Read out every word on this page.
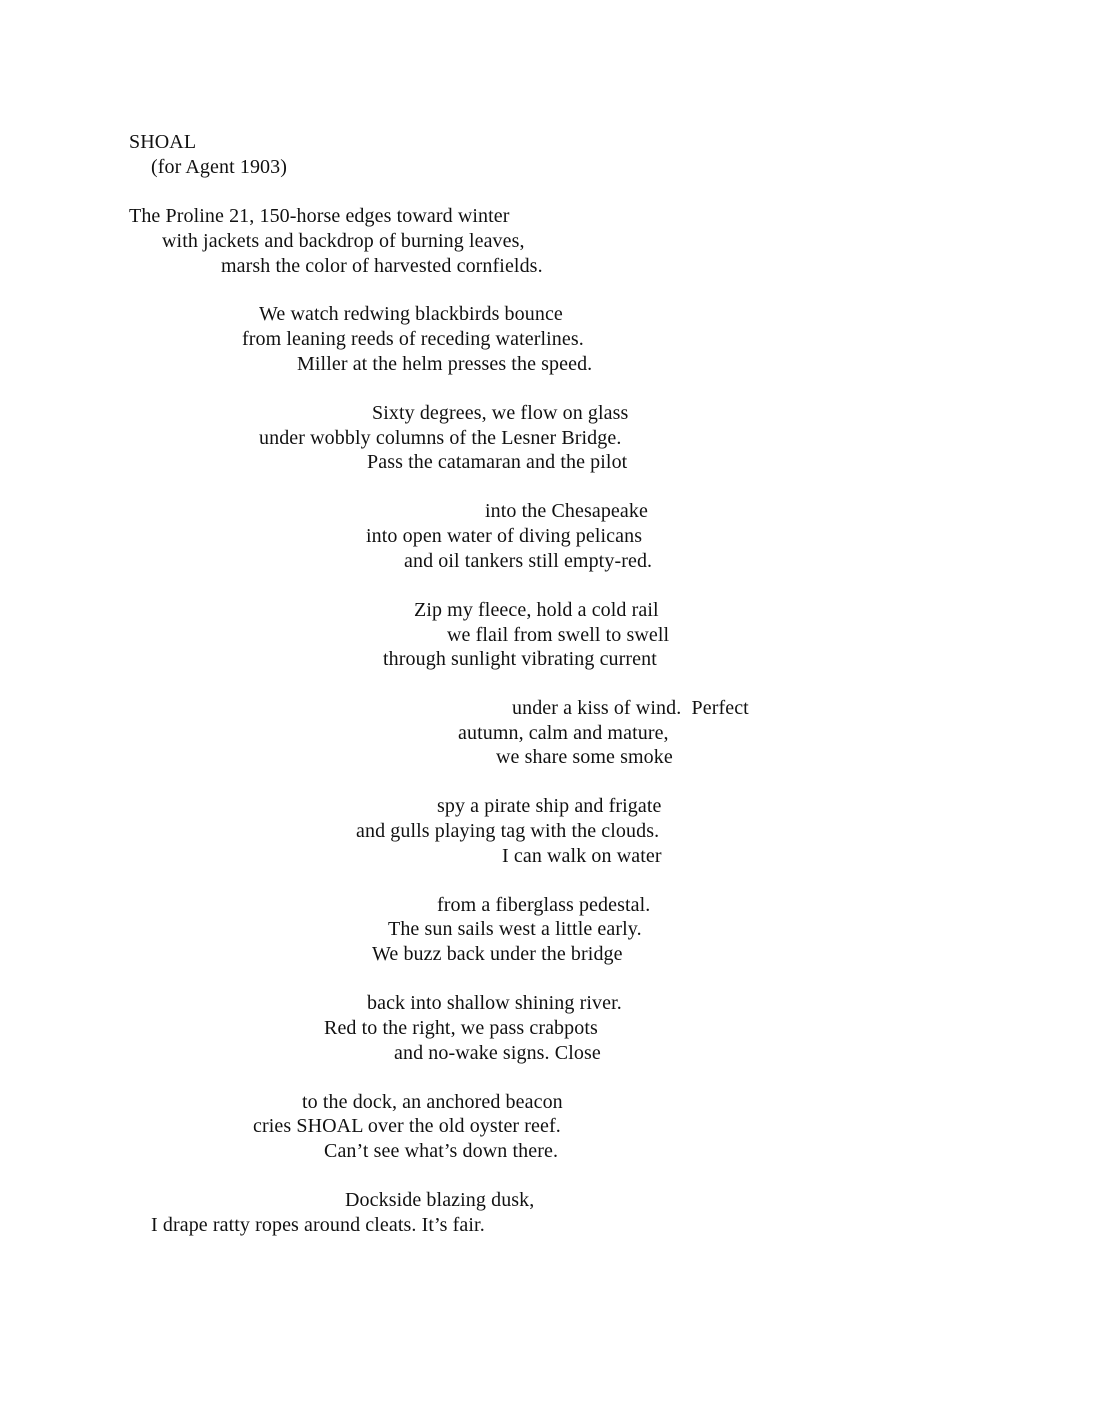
SHOAL
(for Agent 1903)
The Proline 21, 150-horse edges toward winter
with jackets and backdrop of burning leaves,
marsh the color of harvested cornfields.
We watch redwing blackbirds bounce
from leaning reeds of receding waterlines.
Miller at the helm presses the speed.
Sixty degrees, we flow on glass
under wobbly columns of the Lesner Bridge.
Pass the catamaran and the pilot
into the Chesapeake
into open water of diving pelicans
and oil tankers still empty-red.
Zip my fleece, hold a cold rail
we flail from swell to swell
through sunlight vibrating current
under a kiss of wind.  Perfect
autumn, calm and mature,
we share some smoke
spy a pirate ship and frigate
and gulls playing tag with the clouds.
I can walk on water
from a fiberglass pedestal.
The sun sails west a little early.
We buzz back under the bridge
back into shallow shining river.
Red to the right, we pass crabpots
and no-wake signs. Close
to the dock, an anchored beacon
cries SHOAL over the old oyster reef.
Can’t see what’s down there.
Dockside blazing dusk,
I drape ratty ropes around cleats. It’s fair.
